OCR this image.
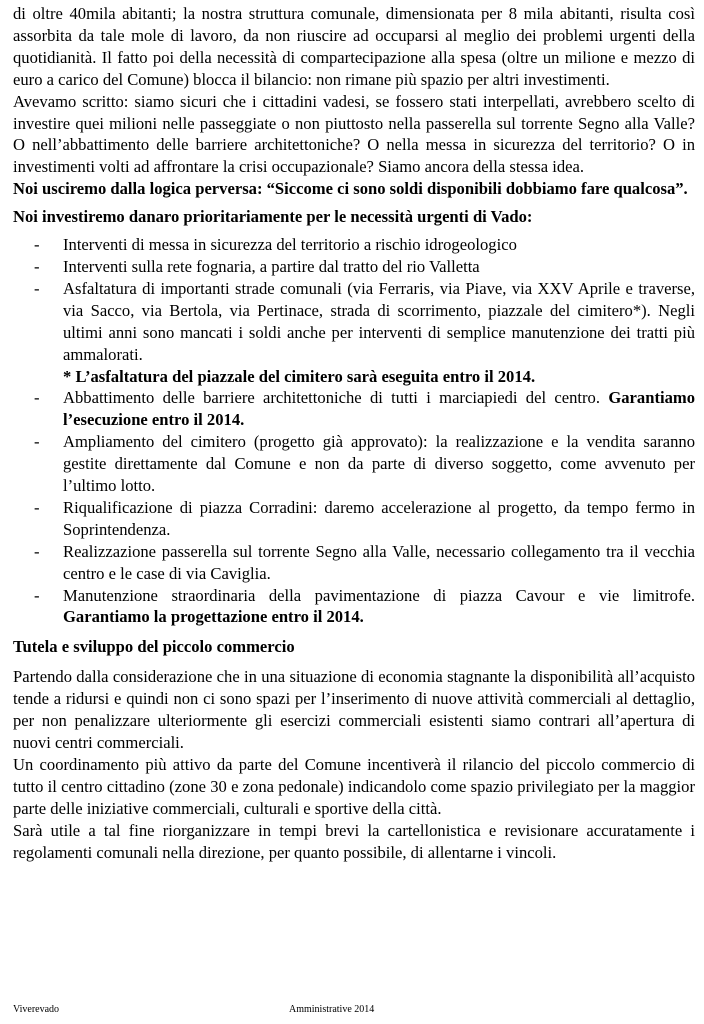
di oltre 40mila abitanti; la nostra struttura comunale, dimensionata per 8 mila abitanti, risulta così assorbita da tale mole di lavoro, da non riuscire ad occuparsi al meglio dei problemi urgenti della quotidianità. Il fatto poi della necessità di compartecipazione alla spesa (oltre un milione e mezzo di euro a carico del Comune) blocca il bilancio: non rimane più spazio per altri investimenti.

Avevamo scritto: siamo sicuri che i cittadini vadesi, se fossero stati interpellati, avrebbero scelto di investire quei milioni nelle passeggiate o non piuttosto nella passerella sul torrente Segno alla Valle? O nell’abbattimento delle barriere architettoniche? O nella messa in sicurezza del territorio? O in investimenti volti ad affrontare la crisi occupazionale? Siamo ancora della stessa idea.

Noi usciremo dalla logica perversa: “Siccome ci sono soldi disponibili dobbiamo fare qualcosa”.

Noi investiremo danaro prioritariamente per le necessità urgenti di Vado:

- Interventi di messa in sicurezza del territorio a rischio idrogeologico
- Interventi sulla rete fognaria, a partire dal tratto del rio Valletta
- Asfaltatura di importanti strade comunali (via Ferraris, via Piave, via XXV Aprile e traverse, via Sacco, via Bertola, via Pertinace, strada di scorrimento, piazzale del cimitero*). Negli ultimi anni sono mancati i soldi anche per interventi di semplice manutenzione dei tratti più ammalorati.
* L’asfaltatura del piazzale del cimitero sarà eseguita entro il 2014.
- Abbattimento delle barriere architettoniche di tutti i marciapiedi del centro. Garantiamo l’esecuzione entro il 2014.
- Ampliamento del cimitero (progetto già approvato): la realizzazione e la vendita saranno gestite direttamente dal Comune e non da parte di diverso soggetto, come avvenuto per l’ultimo lotto.
- Riqualificazione di piazza Corradini: daremo accelerazione al progetto, da tempo fermo in Soprintendenza.
- Realizzazione passerella sul torrente Segno alla Valle, necessario collegamento tra il vecchia centro e le case di via Caviglia.
- Manutenzione straordinaria della pavimentazione di piazza Cavour e vie limitrofe. Garantiamo la progettazione entro il 2014.

Tutela e sviluppo del piccolo commercio

Partendo dalla considerazione che in una situazione di economia stagnante la disponibilità all’acquisto tende a ridursi e quindi non ci sono spazi per l’inserimento di nuove attività commerciali al dettaglio, per non penalizzare ulteriormente gli esercizi commerciali esistenti siamo contrari all’apertura di nuovi centri commerciali.

Un coordinamento più attivo da parte del Comune incentiverà il rilancio del piccolo commercio di tutto il centro cittadino (zone 30 e zona pedonale) indicandolo come spazio privilegiato per la maggior parte delle iniziative commerciali, culturali e sportive della città.

Sarà utile a tal fine riorganizzare in tempi brevi la cartellonistica e revisionare accuratamente i regolamenti comunali nella direzione, per quanto possibile, di allentarne i vincoli.

Viverevado	Amministrative 2014
